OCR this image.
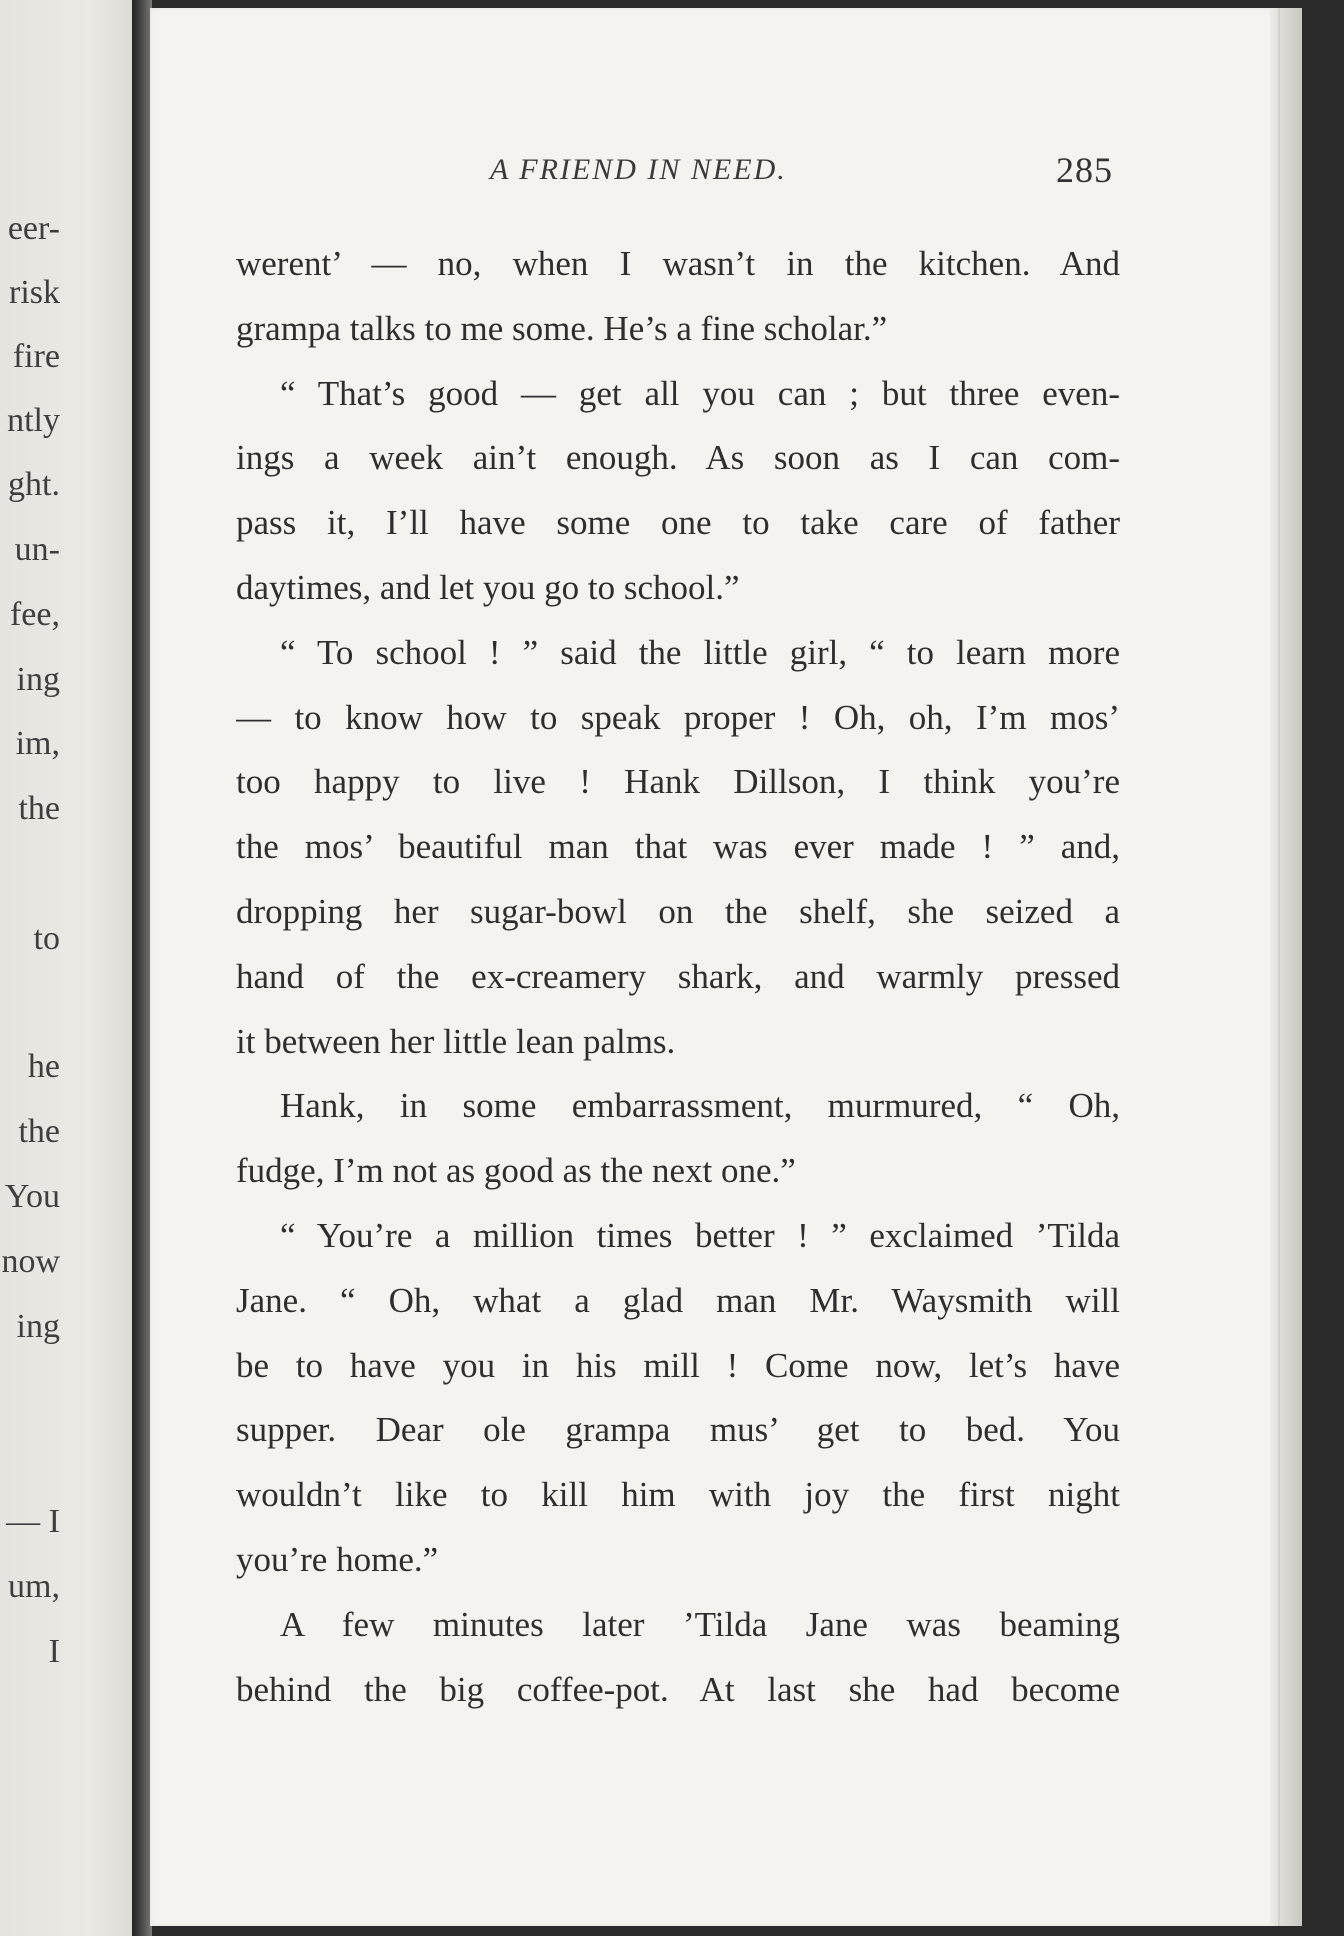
eer-
risk
fire
ntly
ght.
un-
fee,
ing
im,
the
to
he
the
You
now
ing
— I
um,
I
A FRIEND IN NEED.	285
werent’ — no, when I wasn’t in the kitchen. And
grampa talks to me some. He’s a fine scholar.”
“ That’s good — get all you can ; but three even-
ings a week ain’t enough. As soon as I can com-
pass it, I’ll have some one to take care of father
daytimes, and let you go to school.”
“ To school ! ” said the little girl, “ to learn more
— to know how to speak proper ! Oh, oh, I’m mos’
too happy to live ! Hank Dillson, I think you’re
the mos’ beautiful man that was ever made ! ” and,
dropping her sugar-bowl on the shelf, she seized a
hand of the ex-creamery shark, and warmly pressed
it between her little lean palms.
Hank, in some embarrassment, murmured, “ Oh,
fudge, I’m not as good as the next one.”
“ You’re a million times better ! ” exclaimed ’Tilda
Jane. “ Oh, what a glad man Mr. Waysmith will
be to have you in his mill ! Come now, let’s have
supper. Dear ole grampa mus’ get to bed. You
wouldn’t like to kill him with joy the first night
you’re home.”
A few minutes later ’Tilda Jane was beaming
behind the big coffee-pot. At last she had become
